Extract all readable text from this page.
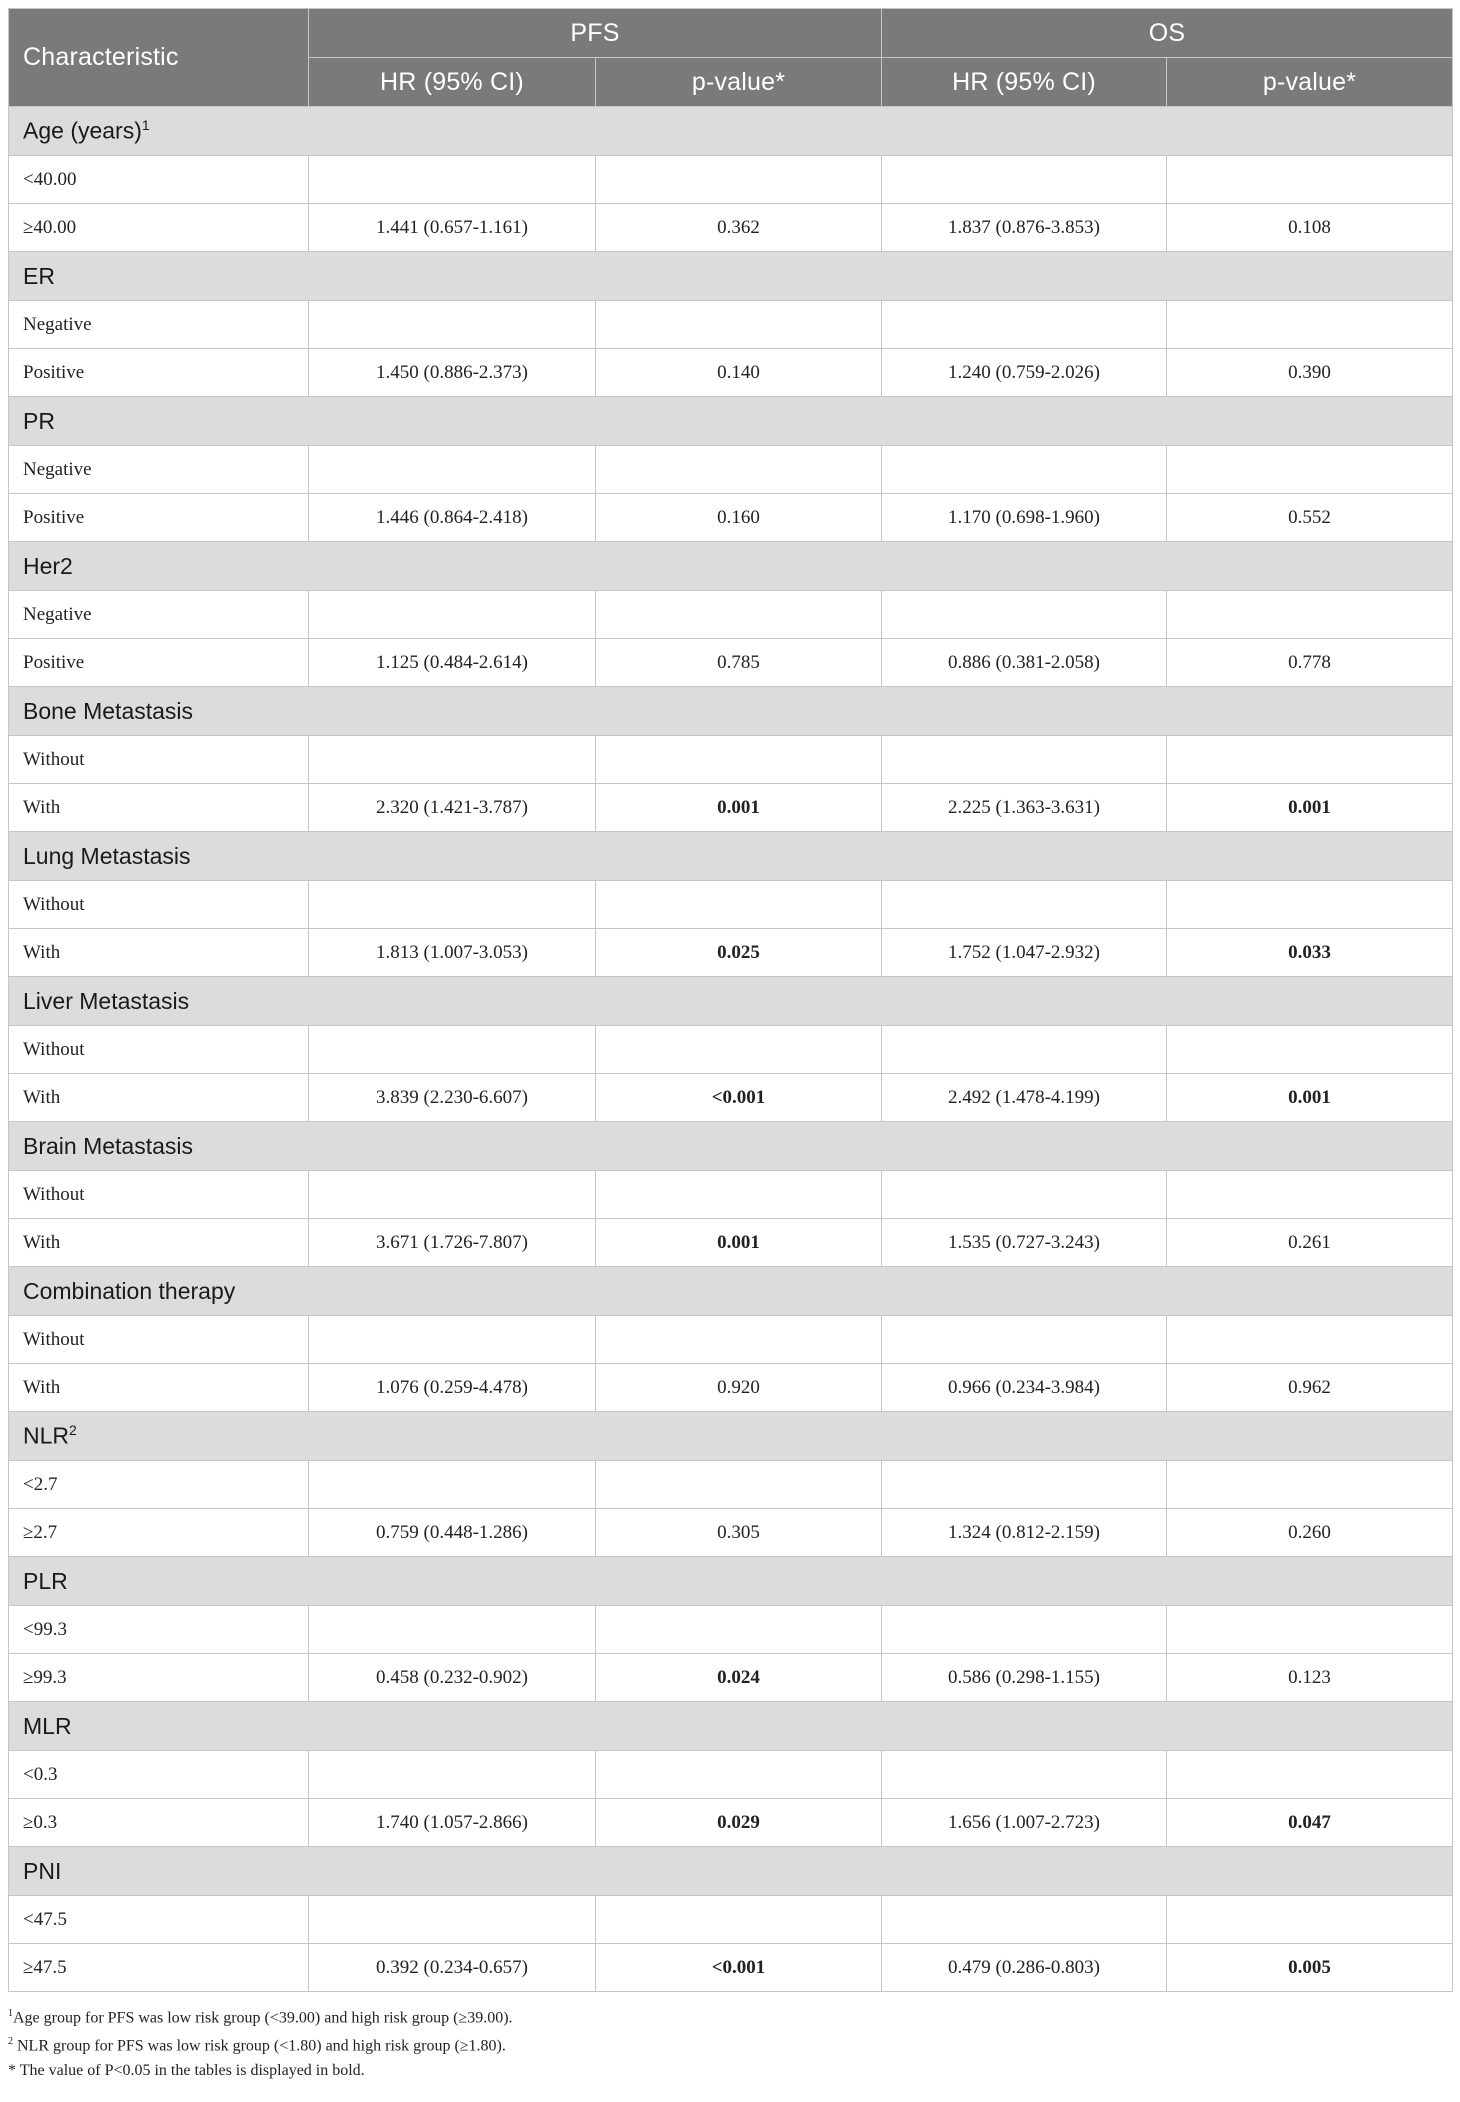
Characteristic	PFS		OS	
	HR (95% CI)	p-value*	HR (95% CI)	p-value*
Age (years)$^1$
<40.00				
≥40.00	1.441 (0.657-1.161)	0.362	1.837 (0.876-3.853)	0.108
ER				
Negative				
Positive	1.450 (0.886-2.373)	0.140	1.240 (0.759-2.026)	0.390
PR				
Negative				
Positive	1.446 (0.864-2.418)	0.160	1.170 (0.698-1.960)	0.552
Her2				
Negative				
Positive	1.125 (0.484-2.614)	0.785	0.886 (0.381-2.058)	0.778
Bone Metastasis				
Without				
With	2.320 (1.421-3.787)	0.001	2.225 (1.363-3.631)	0.001
Lung Metastasis				
Without				
With	1.813 (1.007-3.053)	0.025	1.752 (1.047-2.932)	0.033
Liver Metastasis				
Without				
With	3.839 (2.230-6.607)	<0.001	2.492 (1.478-4.199)	0.001
Brain Metastasis				
Without				
With	3.671 (1.726-7.807)	0.001	1.535 (0.727-3.243)	0.261
Combination therapy				
Without				
With	1.076 (0.259-4.478)	0.920	0.966 (0.234-3.984)	0.962
$NLR^2$
<2.7				
≥2.7	0.759 (0.448-1.286)	0.305	1.324 (0.812-2.159)	0.260
PLR				
<99.3				
≥99.3	0.458 (0.232-0.902)	0.024	0.586 (0.298-1.155)	0.123
MLR				
<0.3				
≥0.3	1.740 (1.057-2.866)	0.029	1.656 (1.007-2.723)	0.047
PNI				
<47.5				
≥47.5	0.392 (0.234-0.657)	<0.001	0.479 (0.286-0.803)	0.005
$^1$Age group for PFS was low risk group (<39.00) and high risk group (≥39.00).
$^2$ NLR group for PFS was low risk group (<1.80) and high risk group (≥1.80).
* The value of P<0.05 in the tables is displayed in bold.
